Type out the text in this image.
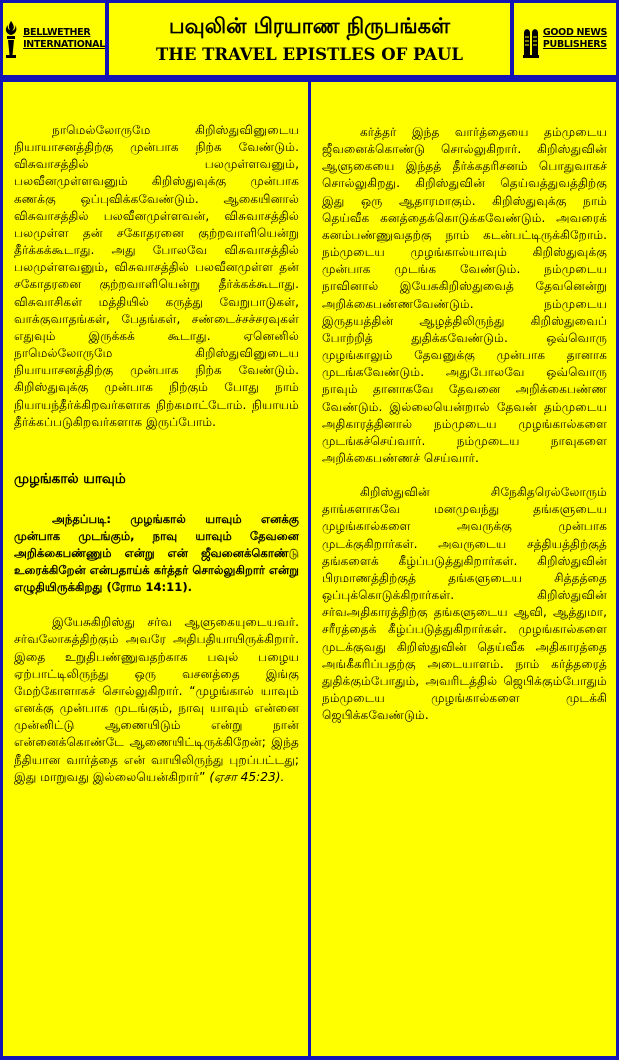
BELLWETHER
INTERNATIONAL
பவுலின் பிரயாண நிருபங்கள்
THE TRAVEL EPISTLES OF PAUL
GOOD NEWS
PUBLISHERS

நாமெல்லோருமே கிறிஸ்துவினுடைய நியாயாசனத்திற்கு முன்பாக நிற்க வேண்டும். விசுவாசத்தில் பலமுள்ளவனும், பலவீனமுள்ளவனும் கிறிஸ்துவுக்கு முன்பாக கணக்கு ஒப்புவிக்கவேண்டும். ஆகையினால் விசுவாசத்தில் பலவீனமுள்ளவன், விசுவாசத்தில் பலமுள்ள தன் சகோதரனை குற்றவாளியென்று தீர்க்கக்கூடாது. அது போலவே விசுவாசத்தில் பலமுள்ளவனும், விசுவாசத்தில் பலவீனமுள்ள தன் சகோதரனை குற்றவாளியென்று தீர்க்கக்கூடாது. விசுவாசிகள் மத்தியில் கருத்து வேறுபாடுகள், வாக்குவாதங்கள், பேதங்கள், சண்டைச்சச்சரவுகள் எதுவும் இருக்கக் கூடாது. ஏனெனில் நாமெல்லோருமே கிறிஸ்துவினுடைய நியாயாசனத்திற்கு முன்பாக நிற்க வேண்டும். கிறிஸ்துவுக்கு முன்பாக நிற்கும் போது நாம் நியாயந்தீர்க்கிறவர்களாக நிற்கமாட்டோம். நியாயம் தீர்க்கப்படுகிறவர்களாக இருப்போம்.

முழங்கால் யாவும்

அந்தப்படி: முழங்கால் யாவும் எனக்கு முன்பாக முடங்கும், நாவு யாவும் தேவனை அறிக்கைபண்ணும் என்று என் ஜீவனைக்கொண்டு உரைக்கிறேன் என்பதாய்க் கர்த்தர் சொல்லுகிறார் என்று எழுதியிருக்கிறது (ரோம 14:11).

இயேசுகிறிஸ்து சர்வ ஆளுகையுடையவர். சர்வலோகத்திற்கும் அவரே அதிபதியாயிருக்கிறார். இதை உறுதிபண்ணுவதற்காக பவுல் பழைய ஏற்பாட்டிலிருந்து ஒரு வசனத்தை இங்கு மேற்கோளாகச் சொல்லுகிறார். “முழங்கால் யாவும் எனக்கு முன்பாக முடங்கும், நாவு யாவும் என்னை முன்னிட்டு ஆணையிடும் என்று நான் என்னைக்கொண்டே ஆணையிட்டிருக்கிறேன்; இந்த நீதியான வார்த்தை என் வாயிலிருந்து புறப்பட்டது; இது மாறுவது இல்லையென்கிறார்” (ஏசா 45:23).

கர்த்தர் இந்த வார்த்தையை தம்முடைய ஜீவனைக்கொண்டு சொல்லுகிறார். கிறிஸ்துவின் ஆளுகையை இந்தத் தீர்க்கதரிசனம் பொதுவாகச் சொல்லுகிறது. கிறிஸ்துவின் தெய்வத்துவத்திற்கு இது ஒரு ஆதாரமாகும். கிறிஸ்துவுக்கு நாம் தெய்வீக கனத்தைக்கொடுக்கவேண்டும். அவரைக் கனம்பண்ணுவதற்கு நாம் கடன்பட்டிருக்கிறோம். நம்முடைய முழங்கால்யாவும் கிறிஸ்துவுக்கு முன்பாக முடங்க வேண்டும். நம்முடைய நாவினால் இயேசுகிறிஸ்துவைத் தேவனென்று அறிக்கைபண்ணவேண்டும். நம்முடைய இருதயத்தின் ஆழத்திலிருந்து கிறிஸ்துவைப் போற்றித் துதிக்கவேண்டும். ஒவ்வொரு முழங்காலும் தேவனுக்கு முன்பாக தானாக முடங்கவேண்டும். அதுபோலவே ஒவ்வொரு நாவும் தானாகவே தேவனை அறிக்கைபண்ண வேண்டும். இல்லையென்றால் தேவன் தம்முடைய அதிகாரத்தினால் நம்முடைய முழங்கால்களை முடங்கச்செய்வார். நம்முடைய நாவுகளை அறிக்கைபண்ணச் செய்வார்.

கிறிஸ்துவின் சிநேகிதரெல்லோரும் தாங்களாகவே மனமுவந்து தங்களுடைய முழங்கால்களை அவருக்கு முன்பாக முடக்குகிறார்கள். அவருடைய சத்தியத்திற்குத் தங்களைக் கீழ்ப்படுத்துகிறார்கள். கிறிஸ்துவின் பிரமாணத்திற்குத் தங்களுடைய சித்தத்தை ஒப்புக்கொடுக்கிறார்கள். கிறிஸ்துவின் சர்வஅதிகாரத்திற்கு தங்களுடைய ஆவி, ஆத்துமா, சரீரத்தைக் கீழ்ப்படுத்துகிறார்கள். முழங்கால்களை முடக்குவது கிறிஸ்துவின் தெய்வீக அதிகாரத்தை அங்கீகரிப்பதற்கு அடையாளம். நாம் கர்த்தரைத் துதிக்கும்போதும், அவரிடத்தில் ஜெபிக்கும்போதும் நம்முடைய முழங்கால்களை முடக்கி ஜெபிக்கவேண்டும்.
